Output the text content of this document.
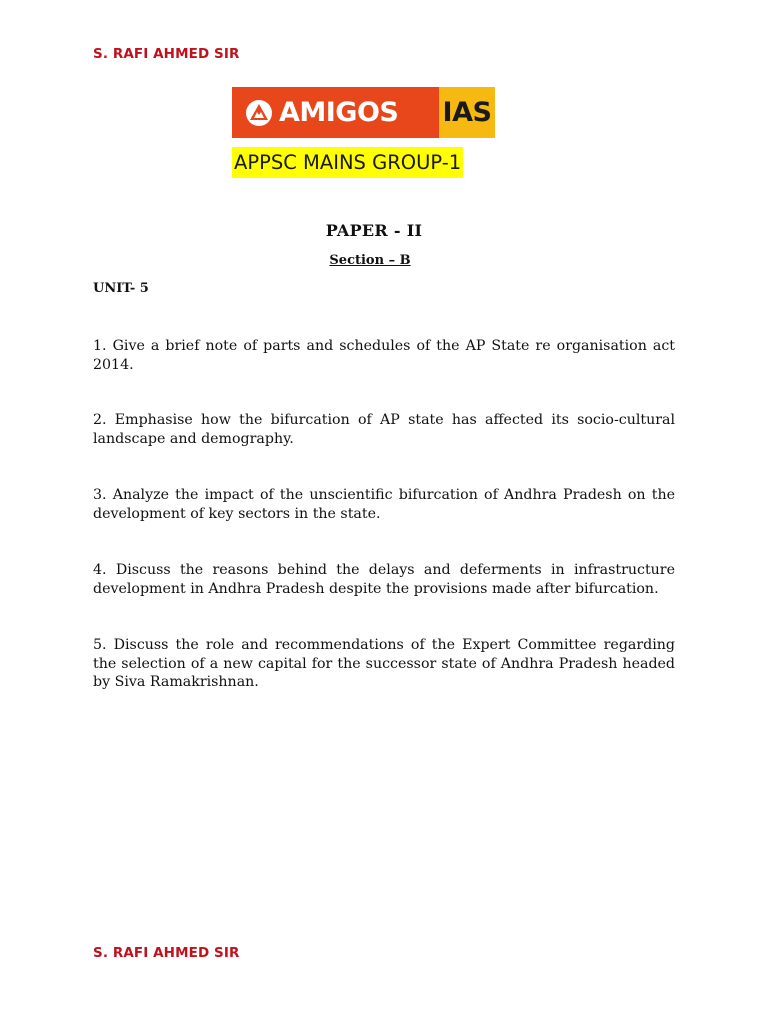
S. RAFI AHMED SIR
AMIGOS IAS
APPSC MAINS GROUP-1
PAPER - II
Section – B
UNIT- 5

1. Give a brief note of parts and schedules of the AP State re organisation act 2014.

2. Emphasise how the bifurcation of AP state has affected its socio-cultural landscape and demography.

3. Analyze the impact of the unscientific bifurcation of Andhra Pradesh on the development of key sectors in the state.

4. Discuss the reasons behind the delays and deferments in infrastructure development in Andhra Pradesh despite the provisions made after bifurcation.

5. Discuss the role and recommendations of the Expert Committee regarding the selection of a new capital for the successor state of Andhra Pradesh headed by Siva Ramakrishnan.

S. RAFI AHMED SIR
